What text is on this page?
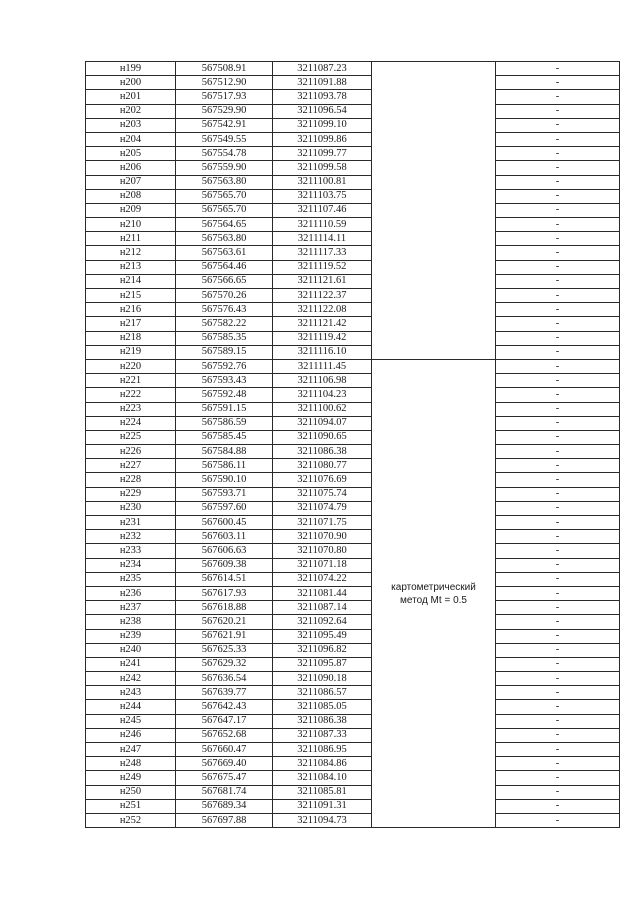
н199	567508.91	3211087.23		-
н200	567512.90	3211091.88		-
н201	567517.93	3211093.78		-
н202	567529.90	3211096.54		-
н203	567542.91	3211099.10		-
н204	567549.55	3211099.86		-
н205	567554.78	3211099.77		-
н206	567559.90	3211099.58		-
н207	567563.80	3211100.81		-
н208	567565.70	3211103.75		-
н209	567565.70	3211107.46		-
н210	567564.65	3211110.59		-
н211	567563.80	3211114.11		-
н212	567563.61	3211117.33		-
н213	567564.46	3211119.52		-
н214	567566.65	3211121.61		-
н215	567570.26	3211122.37		-
н216	567576.43	3211122.08		-
н217	567582.22	3211121.42		-
н218	567585.35	3211119.42		-
н219	567589.15	3211116.10		-
н220	567592.76	3211111.45	картометрический метод Mt = 0.5	-
н221	567593.43	3211106.98		-
н222	567592.48	3211104.23		-
н223	567591.15	3211100.62		-
н224	567586.59	3211094.07		-
н225	567585.45	3211090.65		-
н226	567584.88	3211086.38		-
н227	567586.11	3211080.77		-
н228	567590.10	3211076.69		-
н229	567593.71	3211075.74		-
н230	567597.60	3211074.79		-
н231	567600.45	3211071.75		-
н232	567603.11	3211070.90		-
н233	567606.63	3211070.80		-
н234	567609.38	3211071.18		-
н235	567614.51	3211074.22		-
н236	567617.93	3211081.44		-
н237	567618.88	3211087.14		-
н238	567620.21	3211092.64		-
н239	567621.91	3211095.49		-
н240	567625.33	3211096.82		-
н241	567629.32	3211095.87		-
н242	567636.54	3211090.18		-
н243	567639.77	3211086.57		-
н244	567642.43	3211085.05		-
н245	567647.17	3211086.38		-
н246	567652.68	3211087.33		-
н247	567660.47	3211086.95		-
н248	567669.40	3211084.86		-
н249	567675.47	3211084.10		-
н250	567681.74	3211085.81		-
н251	567689.34	3211091.31		-
н252	567697.88	3211094.73		-
